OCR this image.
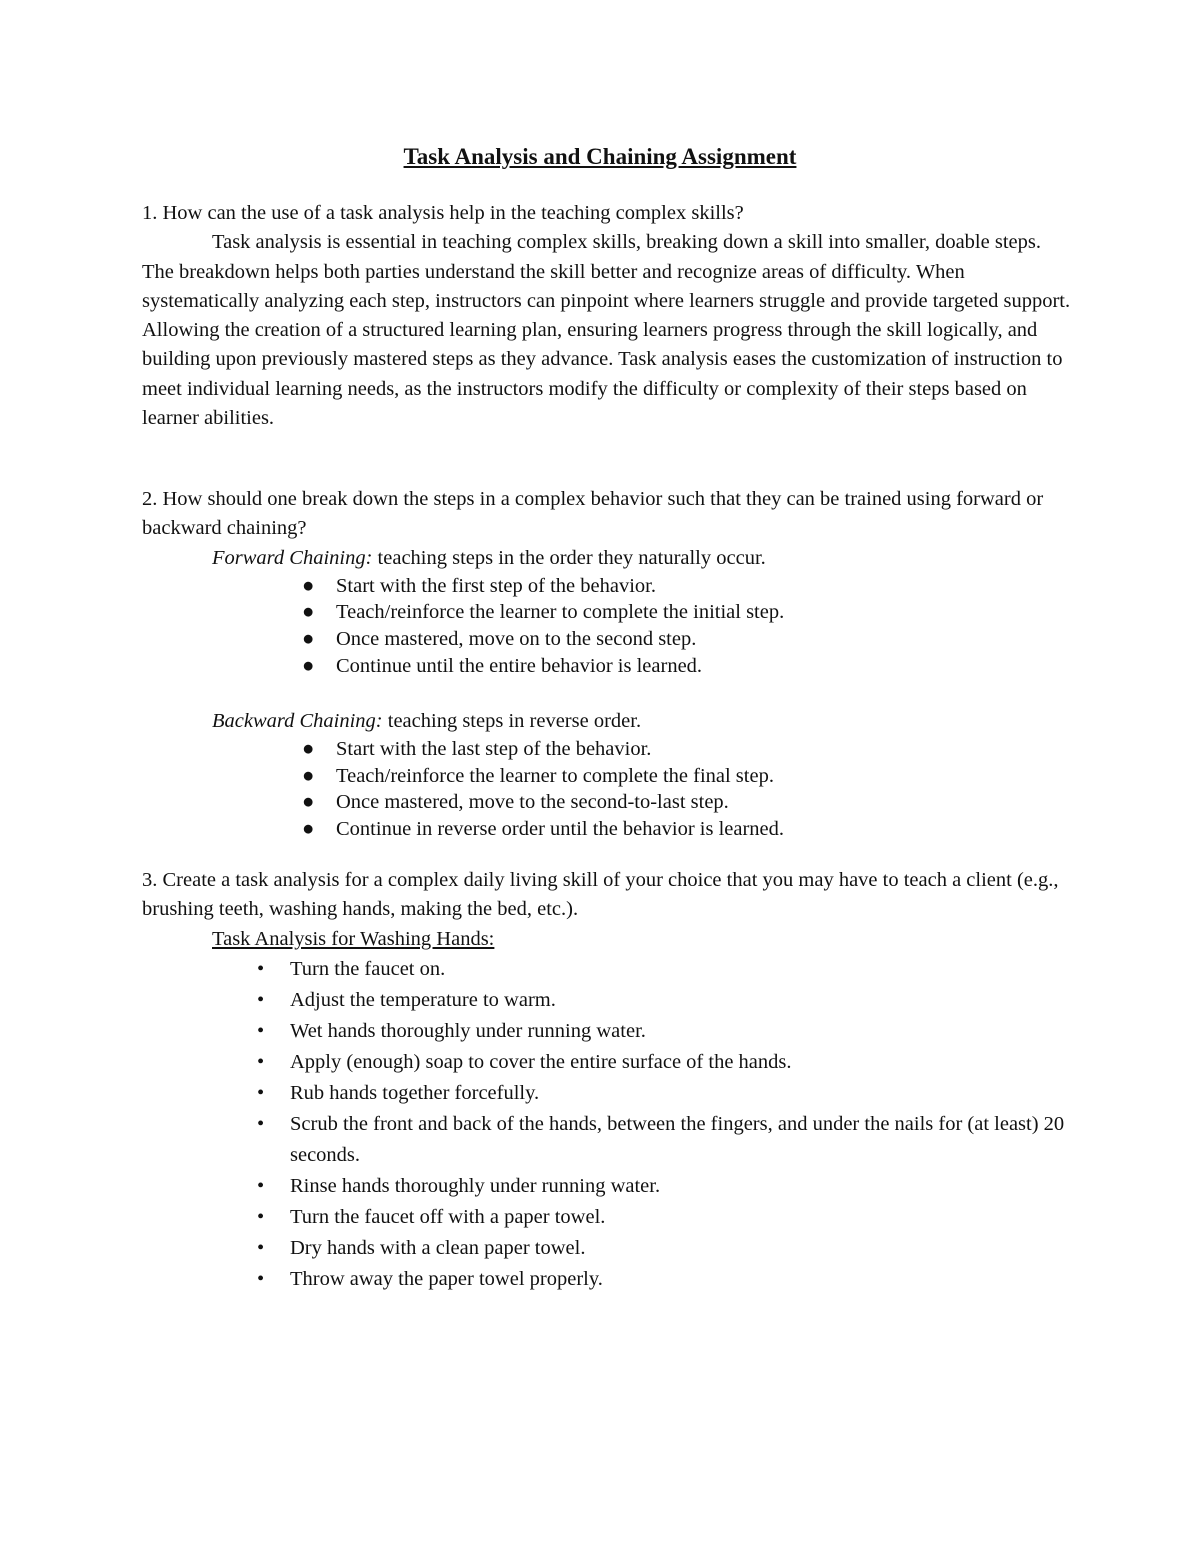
Task Analysis and Chaining Assignment

1. How can the use of a task analysis help in the teaching complex skills?

Task analysis is essential in teaching complex skills, breaking down a skill into smaller, doable steps. The breakdown helps both parties understand the skill better and recognize areas of difficulty. When systematically analyzing each step, instructors can pinpoint where learners struggle and provide targeted support. Allowing the creation of a structured learning plan, ensuring learners progress through the skill logically, and building upon previously mastered steps as they advance. Task analysis eases the customization of instruction to meet individual learning needs, as the instructors modify the difficulty or complexity of their steps based on learner abilities.

2. How should one break down the steps in a complex behavior such that they can be trained using forward or backward chaining?

Forward Chaining: teaching steps in the order they naturally occur.

● Start with the first step of the behavior.
● Teach/reinforce the learner to complete the initial step.
● Once mastered, move on to the second step.
● Continue until the entire behavior is learned.

Backward Chaining: teaching steps in reverse order.

● Start with the last step of the behavior.
● Teach/reinforce the learner to complete the final step.
● Once mastered, move to the second-to-last step.
● Continue in reverse order until the behavior is learned.

3. Create a task analysis for a complex daily living skill of your choice that you may have to teach a client (e.g., brushing teeth, washing hands, making the bed, etc.).

Task Analysis for Washing Hands:

• Turn the faucet on.
• Adjust the temperature to warm.
• Wet hands thoroughly under running water.
• Apply (enough) soap to cover the entire surface of the hands.
• Rub hands together forcefully.
• Scrub the front and back of the hands, between the fingers, and under the nails for (at least) 20 seconds.
• Rinse hands thoroughly under running water.
• Turn the faucet off with a paper towel.
• Dry hands with a clean paper towel.
• Throw away the paper towel properly.
